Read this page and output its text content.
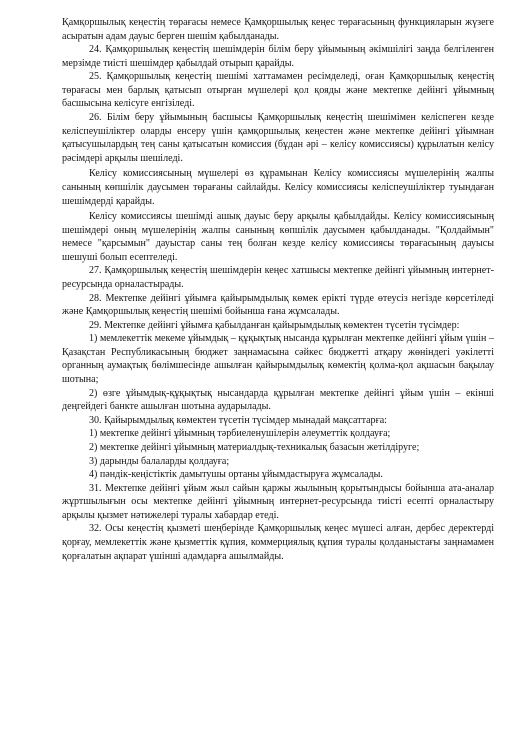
Қамқоршылық кеңестің төрағасы немесе Қамқоршылық кеңес төрағасының функцияларын жүзеге асыратын адам дауыс берген шешім қабылданады.

24. Қамқоршылық кеңестің шешімдерін білім беру ұйымының әкімшілігі заңда белгіленген мерзімде тиісті шешімдер қабылдай отырып қарайды.

25. Қамқоршылық кеңестің шешімі хаттамамен ресімделеді, оған Қамқоршылық кеңестің төрағасы мен барлық қатысып отырған мүшелері қол қояды және мектепке дейінгі ұйымның басшысына келісуге енгізіледі.

26. Білім беру ұйымының басшысы Қамқоршылық кеңестің шешімімен келіспеген кезде келіспеушіліктер оларды енсеру үшін қамқоршылық кеңестен және мектепке дейінгі ұйымнан қатысушылардың тең саны қатысатын комиссия (бұдан әрі – келісу комиссиясы) құрылатын келісу рәсімдері арқылы шешіледі.

Келісу комиссиясының мүшелері өз құрамынан Келісу комиссиясы мүшелерінің жалпы санының көпшілік даусымен төрағаны сайлайды. Келісу комиссиясы келіспеушіліктер туындаған шешімдерді қарайды.

Келісу комиссиясы шешімді ашық дауыс беру арқылы қабылдайды. Келісу комиссиясының шешімдері оның мүшелерінің жалпы санының көпшілік даусымен қабылданады. "Қолдаймын" немесе "қарсымын" дауыстар саны тең болған кезде келісу комиссиясы төрағасының дауысы шешуші болып есептеледі.

27. Қамқоршылық кеңестің шешімдерін кеңес хатшысы мектепке дейінгі ұйымның интернет-ресурсында орналастырады.

28. Мектепке дейінгі ұйымға қайырымдылық көмек еріктi түрде өтеусіз негізде көрсетіледі және Қамқоршылық кеңестің шешімі бойынша ғана жұмсалады.

29. Мектепке дейінгі ұйымға қабылданған қайырымдылық көмектен түсетін түсімдер:

1) мемлекеттік мекеме ұйымдық – құқықтық нысанда құрылған мектепке дейінгі ұйым үшін – Қазақстан Республикасының бюджет заңнамасына сәйкес бюджетті атқару жөніндегі уәкілетті органның аумақтық бөлімшесінде ашылған қайырымдылық көмектің қолма-қол ақшасын бақылау шотына;

2) өзге ұйымдық-құқықтық нысандарда құрылған мектепке дейінгі ұйым үшін – екінші деңгейдегі банкте ашылған шотына аударылады.

30. Қайырымдылық көмектен түсетін түсімдер мынадай мақсаттарға:

1) мектепке дейінгі ұйымның тәрбиеленушілерін әлеуметтік қолдауға;

2) мектепке дейінгі ұйымның материалдық-техникалық базасын жетілдіруге;

3) дарынды балаларды қолдауға;

4) пәндік-кеңістіктік дамытушы ортаны ұйымдастыруға жұмсалады.

31. Мектепке дейінгі ұйым жыл сайын қаржы жылының қорытындысы бойынша ата-аналар жұртшылығын осы мектепке дейінгі ұйымның интернет-ресурсында тиісті есепті орналастыру арқылы қызмет нәтижелері туралы хабардар етеді.

32. Осы кеңестің қызметі шеңберінде Қамқоршылық кеңес мүшесі алған, дербес деректерді қорғау, мемлекеттік және қызметтік құпия, коммерциялық құпия туралы қолданыстағы заңнамамен қорғалатын ақпарат үшінші адамдарға ашылмайды.
